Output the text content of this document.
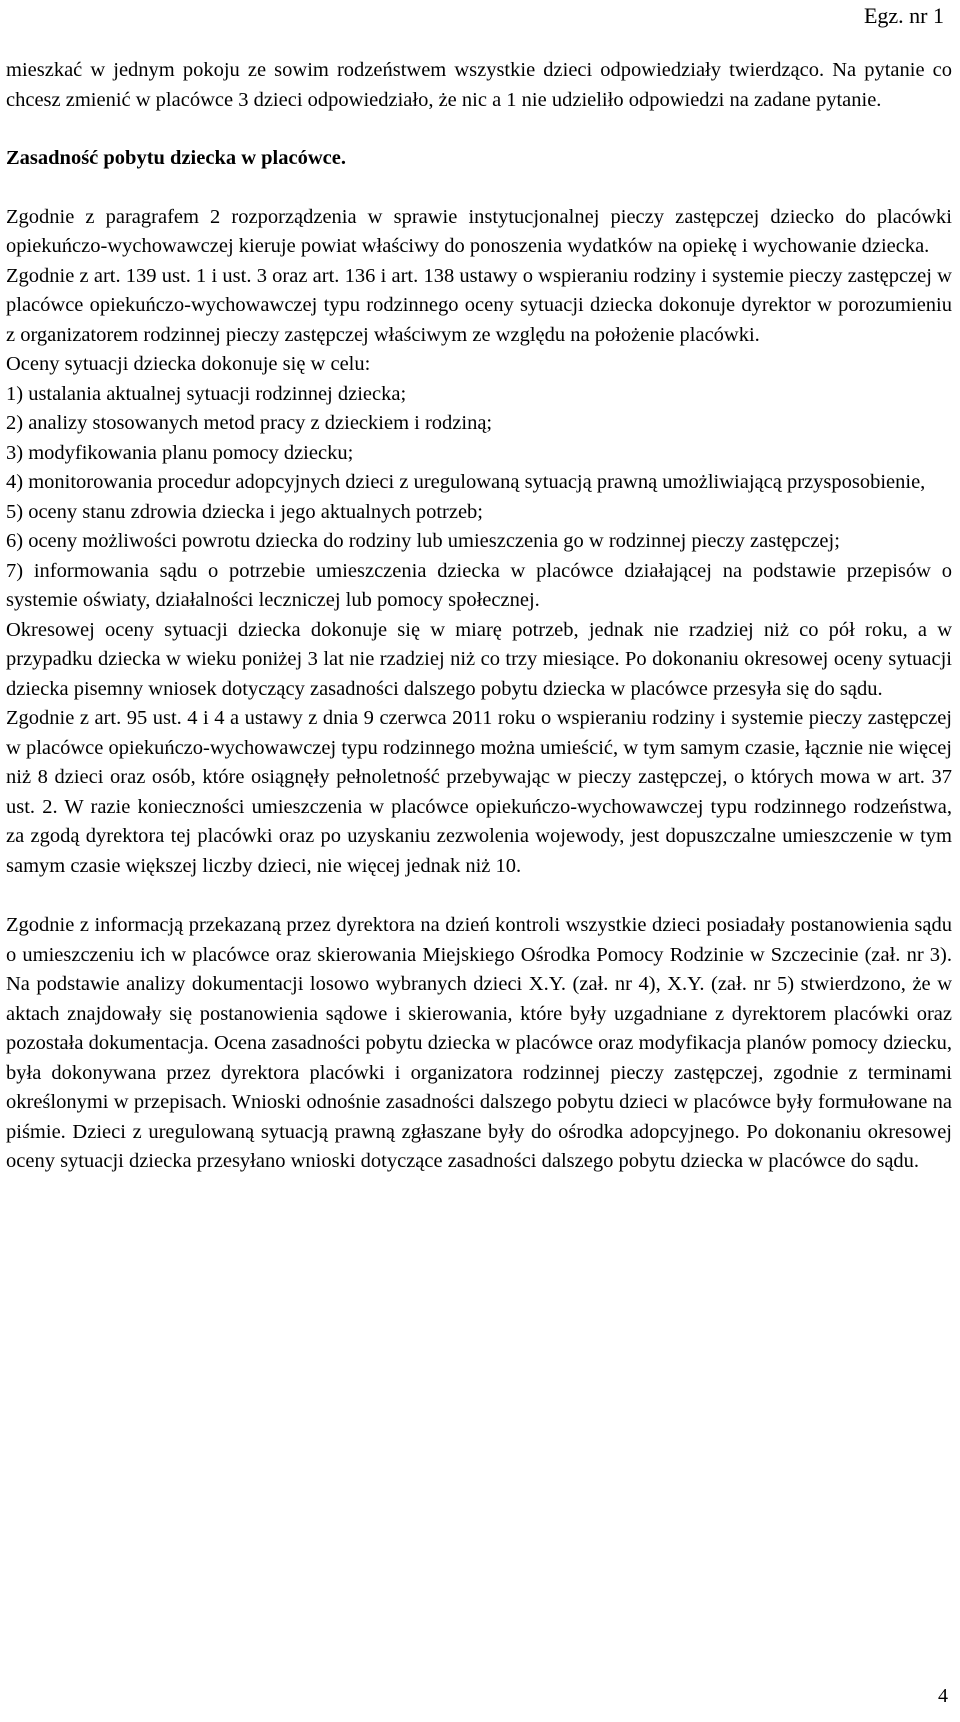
Egz. nr 1

mieszkać w jednym pokoju ze sowim rodzeństwem wszystkie dzieci odpowiedziały twierdząco. Na pytanie co chcesz zmienić w placówce 3 dzieci odpowiedziało, że nic a 1 nie udzieliło odpowiedzi na zadane pytanie.

Zasadność pobytu dziecka w placówce.

Zgodnie z paragrafem 2 rozporządzenia w sprawie instytucjonalnej pieczy zastępczej dziecko do placówki opiekuńczo-wychowawczej kieruje powiat właściwy do ponoszenia wydatków na opiekę i wychowanie dziecka.

Zgodnie z art. 139 ust. 1 i ust. 3 oraz art. 136 i art. 138 ustawy o wspieraniu rodziny i systemie pieczy zastępczej w placówce opiekuńczo-wychowawczej typu rodzinnego oceny sytuacji dziecka dokonuje dyrektor w porozumieniu z organizatorem rodzinnej pieczy zastępczej właściwym ze względu na położenie placówki.

Oceny sytuacji dziecka dokonuje się w celu:

1) ustalania aktualnej sytuacji rodzinnej dziecka;

2) analizy stosowanych metod pracy z dzieckiem i rodziną;

3) modyfikowania planu pomocy dziecku;

4) monitorowania procedur adopcyjnych dzieci z uregulowaną sytuacją prawną umożliwiającą przysposobienie,

5) oceny stanu zdrowia dziecka i jego aktualnych potrzeb;

6) oceny możliwości powrotu dziecka do rodziny lub umieszczenia go w rodzinnej pieczy zastępczej;

7) informowania sądu o potrzebie umieszczenia dziecka w placówce działającej na podstawie przepisów o systemie oświaty, działalności leczniczej lub pomocy społecznej.

Okresowej oceny sytuacji dziecka dokonuje się w miarę potrzeb, jednak nie rzadziej niż co pół roku, a w przypadku dziecka w wieku poniżej 3 lat nie rzadziej niż co trzy miesiące. Po dokonaniu okresowej oceny sytuacji dziecka pisemny wniosek dotyczący zasadności dalszego pobytu dziecka w placówce przesyła się do sądu.

Zgodnie z art. 95 ust. 4 i 4 a ustawy z dnia 9 czerwca 2011 roku o wspieraniu rodziny i systemie pieczy zastępczej w placówce opiekuńczo-wychowawczej typu rodzinnego można umieścić, w tym samym czasie, łącznie nie więcej niż 8 dzieci oraz osób, które osiągnęły pełnoletność przebywając w pieczy zastępczej, o których mowa w art. 37 ust. 2. W razie konieczności umieszczenia w placówce opiekuńczo-wychowawczej typu rodzinnego rodzeństwa, za zgodą dyrektora tej placówki oraz po uzyskaniu zezwolenia wojewody, jest dopuszczalne umieszczenie w tym samym czasie większej liczby dzieci, nie więcej jednak niż 10.

Zgodnie z informacją przekazaną przez dyrektora na dzień kontroli wszystkie dzieci posiadały postanowienia sądu o umieszczeniu ich w placówce oraz skierowania Miejskiego Ośrodka Pomocy Rodzinie w Szczecinie (zał. nr 3). Na podstawie analizy dokumentacji losowo wybranych dzieci X.Y. (zał. nr 4), X.Y. (zał. nr 5) stwierdzono, że w aktach znajdowały się postanowienia sądowe i skierowania, które były uzgadniane z dyrektorem placówki oraz pozostała dokumentacja. Ocena zasadności pobytu dziecka w placówce oraz modyfikacja planów pomocy dziecku, była dokonywana przez dyrektora placówki i organizatora rodzinnej pieczy zastępczej, zgodnie z terminami określonymi w przepisach. Wnioski odnośnie zasadności dalszego pobytu dzieci w placówce były formułowane na piśmie. Dzieci z uregulowaną sytuacją prawną zgłaszane były do ośrodka adopcyjnego. Po dokonaniu okresowej oceny sytuacji dziecka przesyłano wnioski dotyczące zasadności dalszego pobytu dziecka w placówce do sądu.

4
